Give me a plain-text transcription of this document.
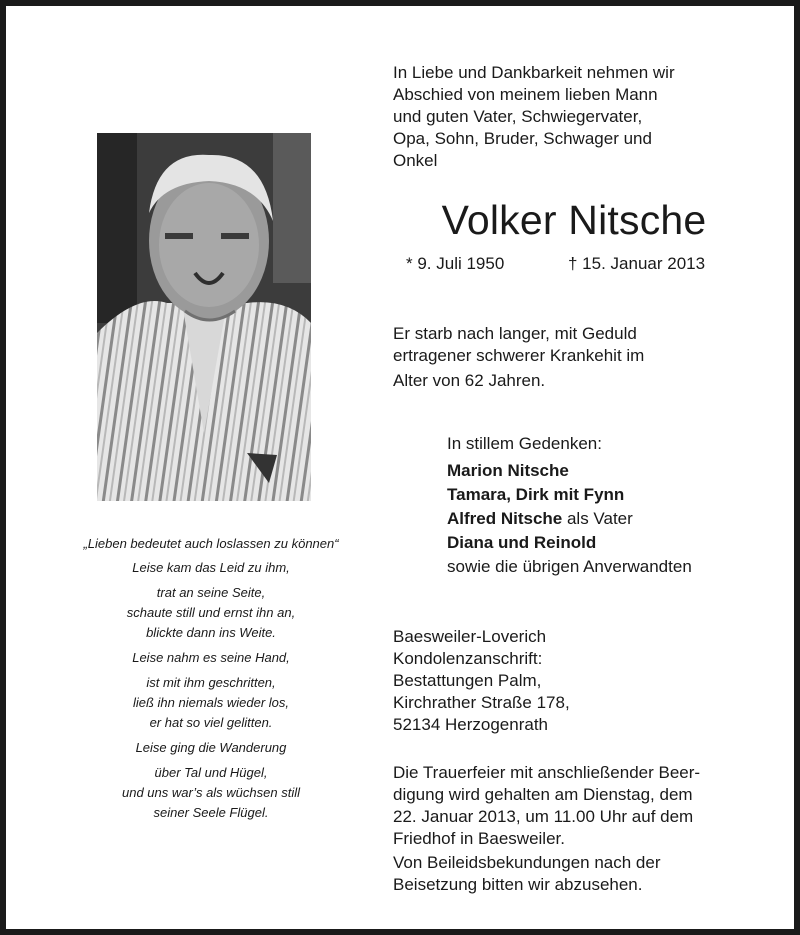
„Lieben bedeutet auch loslassen zu können“

Leise kam das Leid zu ihm,

trat an seine Seite,

schaute still und ernst ihn an,

blickte dann ins Weite.

Leise nahm es seine Hand,

ist mit ihm geschritten,

ließ ihn niemals wieder los,

er hat so viel gelitten.

Leise ging die Wanderung

über Tal und Hügel,

und uns war’s als wüchsen still

seiner Seele Flügel.

In Liebe und Dankbarkeit nehmen wir
Abschied von meinem lieben Mann
und guten Vater, Schwiegervater,
Opa, Sohn, Bruder, Schwager und
Onkel
Volker Nitsche
* 9. Juli 1950	† 15. Januar 2013
Er starb nach langer, mit Geduld
ertragener schwerer Krankehit im
Alter von 62 Jahren.

In stillem Gedenken:

Marion Nitsche

Tamara, Dirk mit Fynn

Alfred Nitsche als Vater

Diana und Reinold

sowie die übrigen Anverwandten

Baesweiler-Loverich

Kondolenzanschrift:

Bestattungen Palm,

Kirchrather Straße 178,

52134 Herzogenrath

Die Trauerfeier mit anschließender Beer-
digung wird gehalten am Dienstag, dem
22. Januar 2013, um 11.00 Uhr auf dem
Friedhof in Baesweiler.
Von Beileidsbekundungen nach der
Beisetzung bitten wir abzusehen.
